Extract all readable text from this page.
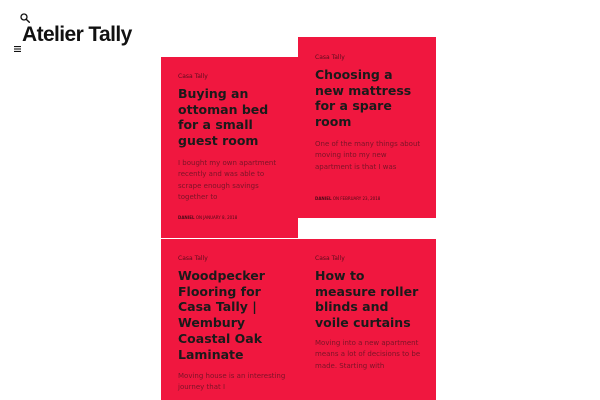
Atelier Tally
Casa Tally
Buying an ottoman bed for a small guest room

I bought my own apartment recently and was able to scrape enough savings together to

DANIEL ON JANUARY 8, 2018
Casa Tally
Choosing a new mattress for a spare room

One of the many things about moving into my new apartment is that I was

DANIEL ON FEBRUARY 23, 2018
Casa Tally
Woodpecker Flooring for Casa Tally | Wembury Coastal Oak Laminate

Moving house is an interesting journey that I

Casa Tally
How to measure roller blinds and voile curtains

Moving into a new apartment means a lot of decisions to be made. Starting with
